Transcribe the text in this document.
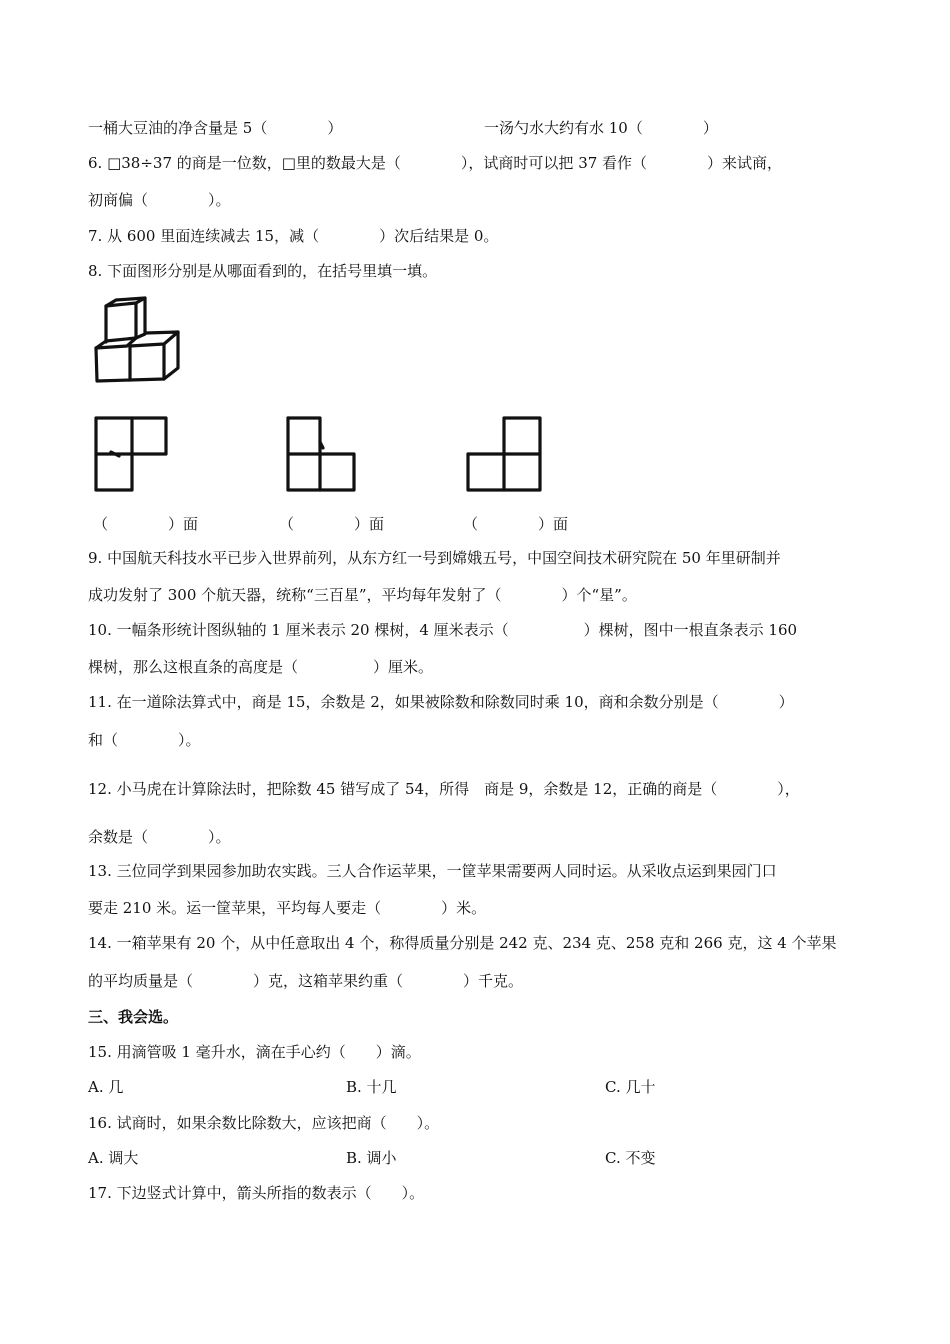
一桶大豆油的净含量是 5（　　　　）	一汤勺水大约有水 10（　　　　）
6. □38÷37 的商是一位数，□里的数最大是（　　　　），试商时可以把 37 看作（　　　　）来试商，
初商偏（　　　　）。
7. 从 600 里面连续减去 15，减（　　　　）次后结果是 0。
8. 下面图形分别是从哪面看到的，在括号里填一填。
（　　　　）面	（　　　　）面	（　　　　）面
9. 中国航天科技水平已步入世界前列，从东方红一号到嫦娥五号，中国空间技术研究院在 50 年里研制并
成功发射了 300 个航天器，统称“三百星”，平均每年发射了（　　　　）个“星”。
10. 一幅条形统计图纵轴的 1 厘米表示 20 棵树，4 厘米表示（　　　　　）棵树，图中一根直条表示 160
棵树，那么这根直条的高度是（　　　　　）厘米。
11. 在一道除法算式中，商是 15，余数是 2，如果被除数和除数同时乘 10，商和余数分别是（　　　　）
和（　　　　）。
12. 小马虎在计算除法时，把除数 45 错写成了 54，所得　商是 9，余数是 12，正确的商是（　　　　），
余数是（　　　　）。
13. 三位同学到果园参加助农实践。三人合作运苹果，一筐苹果需要两人同时运。从采收点运到果园门口
要走 210 米。运一筐苹果，平均每人要走（　　　　）米。
14. 一箱苹果有 20 个，从中任意取出 4 个，称得质量分别是 242 克、234 克、258 克和 266 克，这 4 个苹果
的平均质量是（　　　　）克，这箱苹果约重（　　　　）千克。
三、我会选。
15. 用滴管吸 1 毫升水，滴在手心约（　　）滴。
A. 几	B. 十几	C. 几十
16. 试商时，如果余数比除数大，应该把商（　　）。
A. 调大	B. 调小	C. 不变
17. 下边竖式计算中，箭头所指的数表示（　　）。
